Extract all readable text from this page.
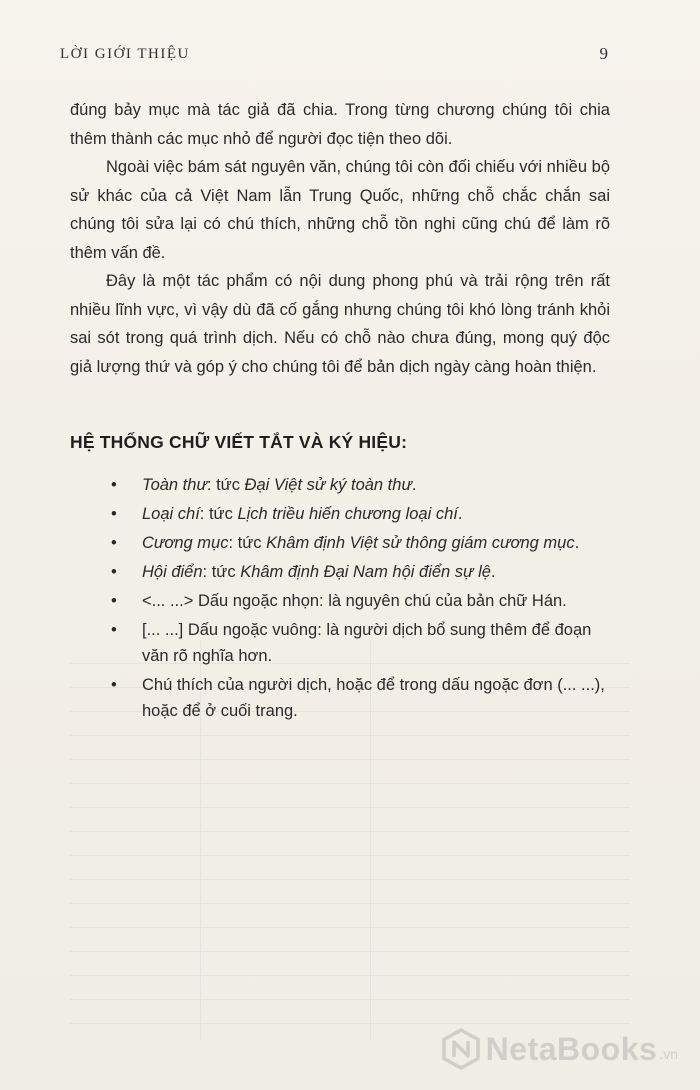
LỜI GIỚI THIỆU	9

đúng bảy mục mà tác giả đã chia. Trong từng chương chúng tôi chia thêm thành các mục nhỏ để người đọc tiện theo dõi.

Ngoài việc bám sát nguyên văn, chúng tôi còn đối chiếu với nhiều bộ sử khác của cả Việt Nam lẫn Trung Quốc, những chỗ chắc chắn sai chúng tôi sửa lại có chú thích, những chỗ tồn nghi cũng chú để làm rõ thêm vấn đề.

Đây là một tác phẩm có nội dung phong phú và trải rộng trên rất nhiều lĩnh vực, vì vậy dù đã cố gắng nhưng chúng tôi khó lòng tránh khỏi sai sót trong quá trình dịch. Nếu có chỗ nào chưa đúng, mong quý độc giả lượng thứ và góp ý cho chúng tôi để bản dịch ngày càng hoàn thiện.

HỆ THỐNG CHỮ VIẾT TẮT VÀ KÝ HIỆU:
• Toàn thư: tức Đại Việt sử ký toàn thư.
• Loại chí: tức Lịch triều hiến chương loại chí.
• Cương mục: tức Khâm định Việt sử thông giám cương mục.
• Hội điển: tức Khâm định Đại Nam hội điển sự lệ.
• <... ...> Dấu ngoặc nhọn: là nguyên chú của bản chữ Hán.
• [... ...] Dấu ngoặc vuông: là người dịch bổ sung thêm để đoạn văn rõ nghĩa hơn.
• Chú thích của người dịch, hoặc để trong dấu ngoặc đơn (... ...), hoặc để ở cuối trang.
NetaBooks .vn
